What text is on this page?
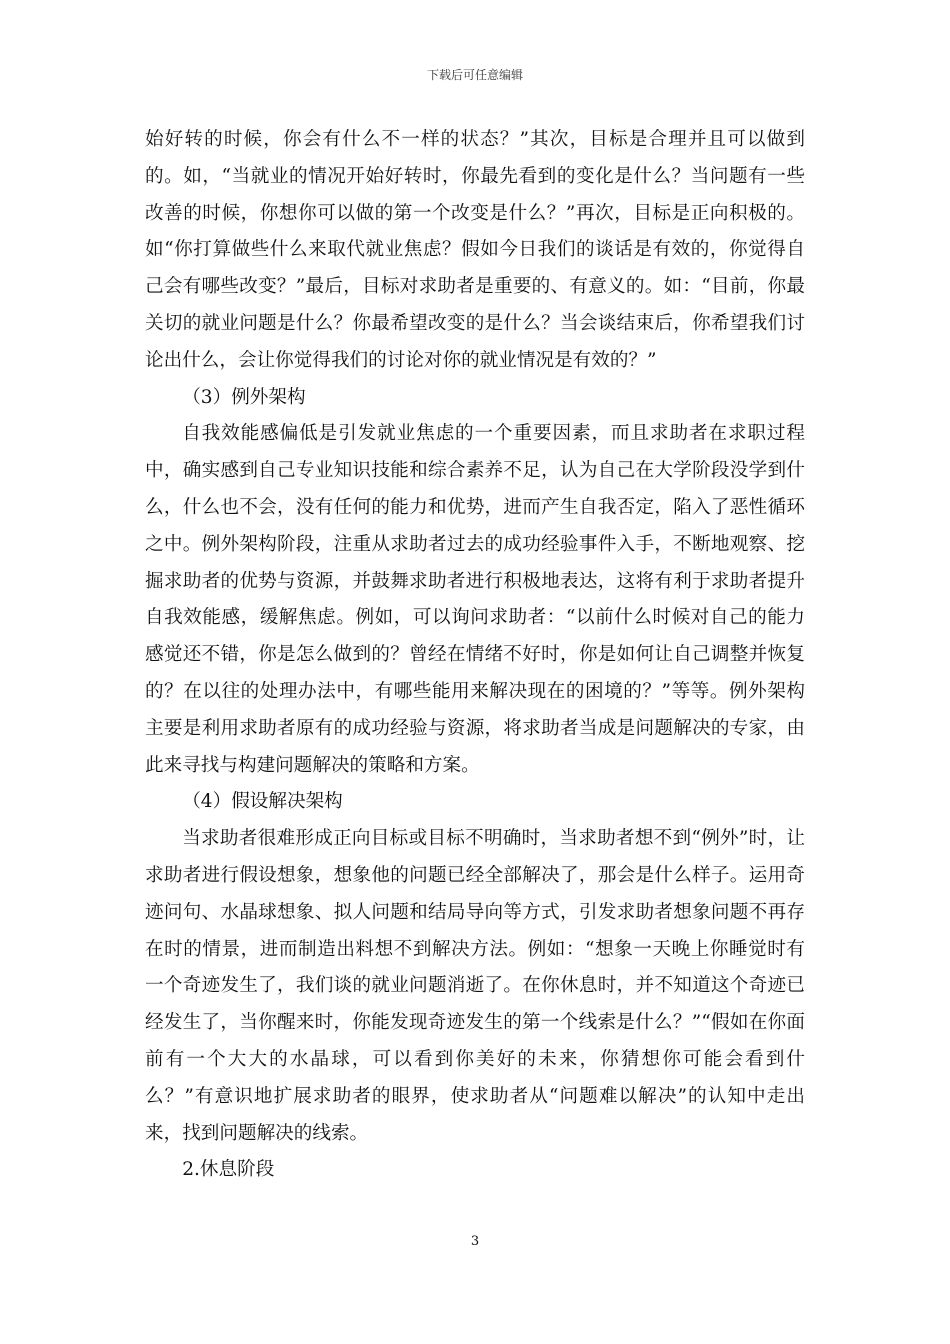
下载后可任意编辑

始好转的时候，你会有什么不一样的状态？”其次，目标是合理并且可以做到的。如，“当就业的情况开始好转时，你最先看到的变化是什么？当问题有一些改善的时候，你想你可以做的第一个改变是什么？”再次，目标是正向积极的。如“你打算做些什么来取代就业焦虑？假如今日我们的谈话是有效的，你觉得自己会有哪些改变？”最后，目标对求助者是重要的、有意义的。如：“目前，你最关切的就业问题是什么？你最希望改变的是什么？当会谈结束后，你希望我们讨论出什么，会让你觉得我们的讨论对你的就业情况是有效的？”

（3）例外架构

自我效能感偏低是引发就业焦虑的一个重要因素，而且求助者在求职过程中，确实感到自己专业知识技能和综合素养不足，认为自己在大学阶段没学到什么，什么也不会，没有任何的能力和优势，进而产生自我否定，陷入了恶性循环之中。例外架构阶段，注重从求助者过去的成功经验事件入手，不断地观察、挖掘求助者的优势与资源，并鼓舞求助者进行积极地表达，这将有利于求助者提升自我效能感，缓解焦虑。例如，可以询问求助者：“以前什么时候对自己的能力感觉还不错，你是怎么做到的？曾经在情绪不好时，你是如何让自己调整并恢复的？在以往的处理办法中，有哪些能用来解决现在的困境的？”等等。例外架构主要是利用求助者原有的成功经验与资源，将求助者当成是问题解决的专家，由此来寻找与构建问题解决的策略和方案。

（4）假设解决架构

当求助者很难形成正向目标或目标不明确时，当求助者想不到“例外”时，让求助者进行假设想象，想象他的问题已经全部解决了，那会是什么样子。运用奇迹问句、水晶球想象、拟人问题和结局导向等方式，引发求助者想象问题不再存在时的情景，进而制造出料想不到解决方法。例如：“想象一天晚上你睡觉时有一个奇迹发生了，我们谈的就业问题消逝了。在你休息时，并不知道这个奇迹已经发生了，当你醒来时，你能发现奇迹发生的第一个线索是什么？”“假如在你面前有一个大大的水晶球，可以看到你美好的未来，你猜想你可能会看到什么？”有意识地扩展求助者的眼界，使求助者从“问题难以解决”的认知中走出来，找到问题解决的线索。

2.休息阶段

3
